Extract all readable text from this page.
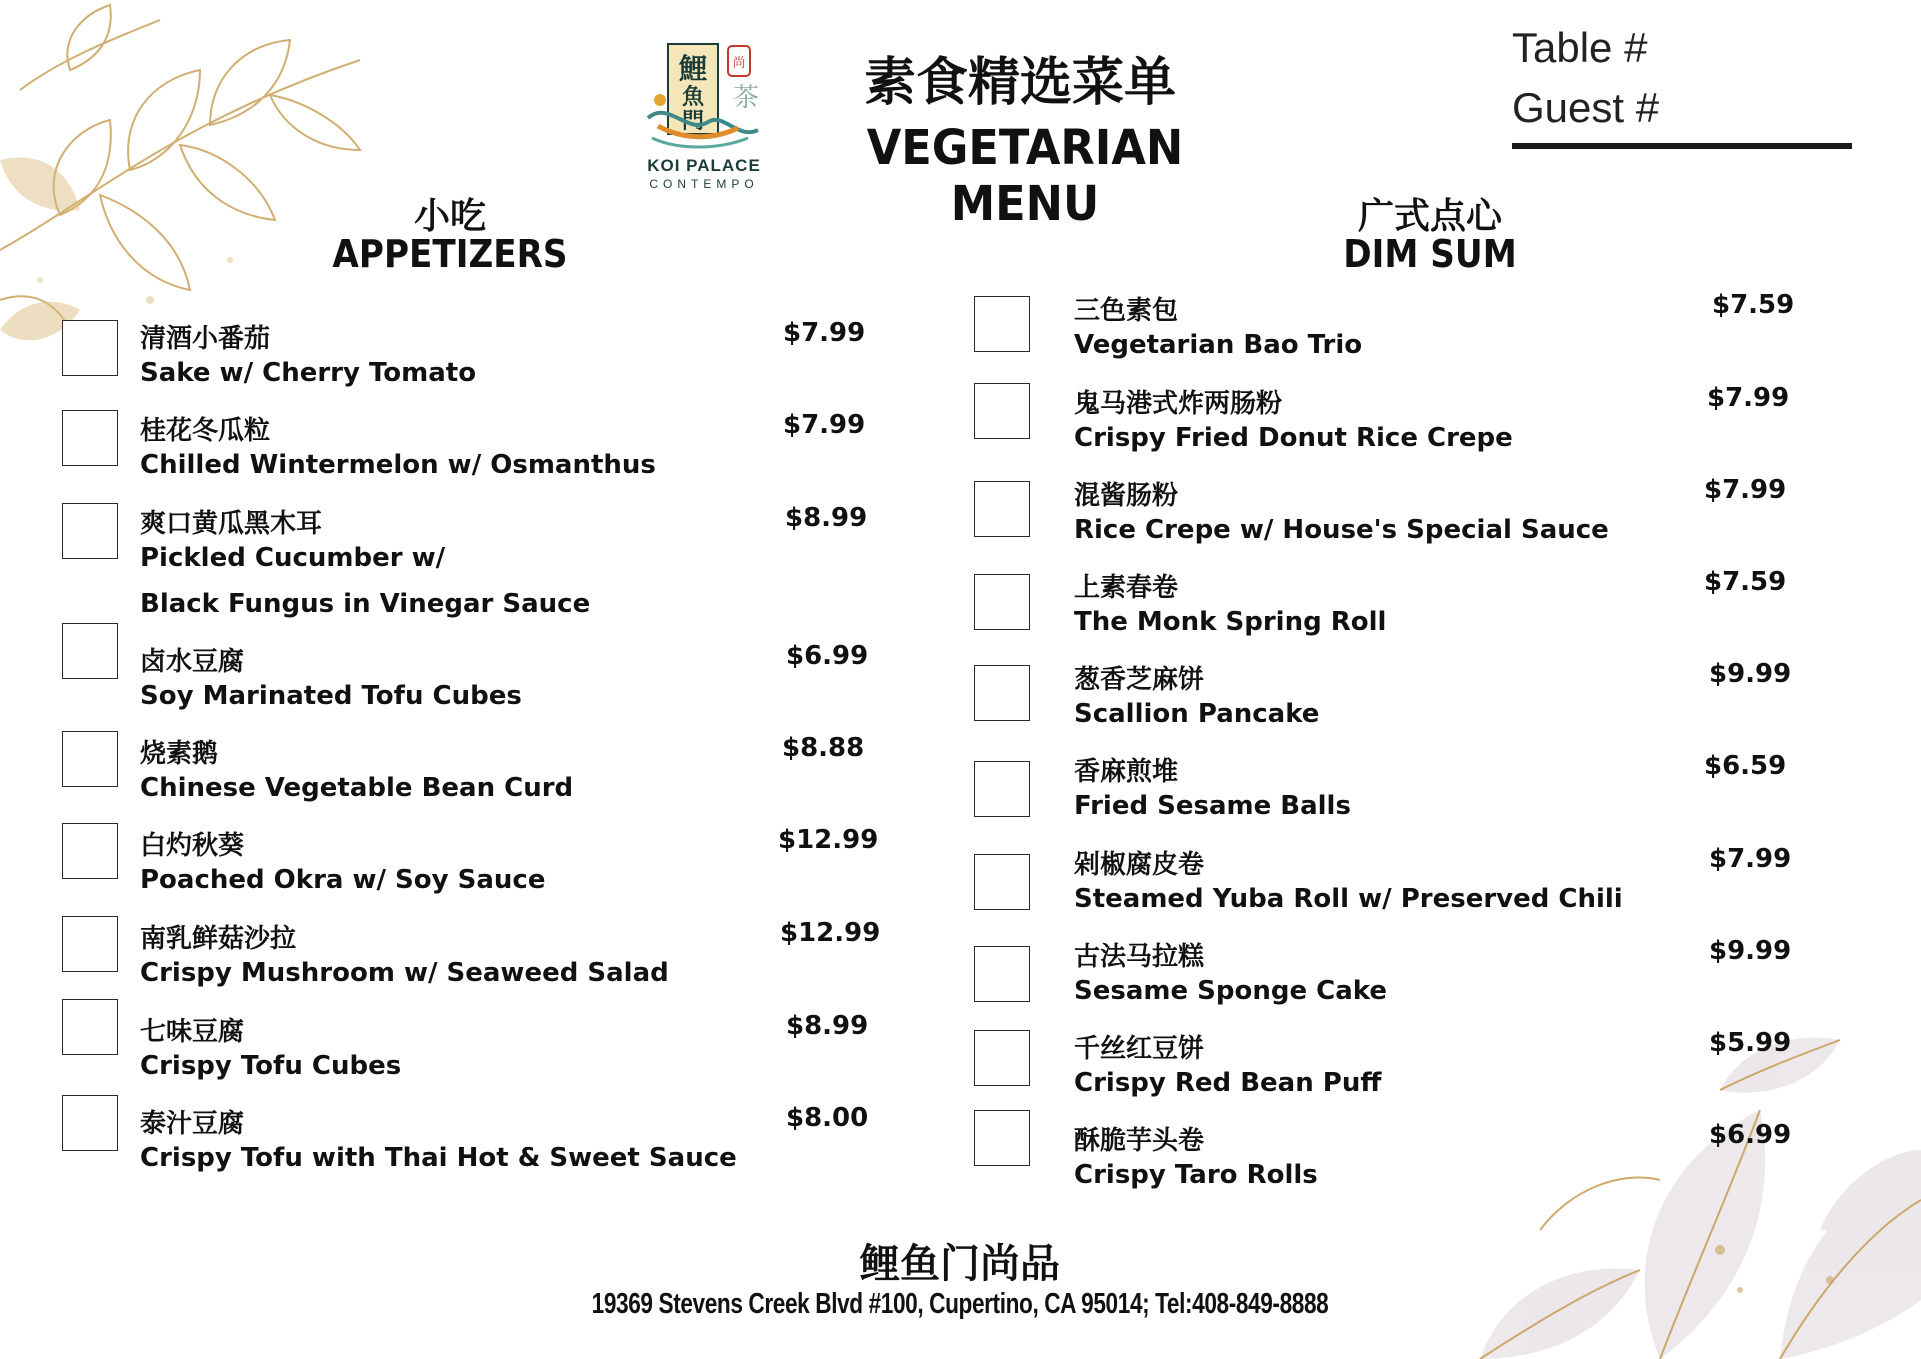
鯉
魚
門
尚
茶
KOI PALACE
CONTEMPO
素食精选菜单
VEGETARIAN MENU
Table #
Guest #
小吃
APPETIZERS
广式点心
DIM SUM
清酒小番茄
Sake w/ Cherry Tomato
$7.99
桂花冬瓜粒
Chilled Wintermelon w/ Osmanthus
$7.99
爽口黄瓜黑木耳
Pickled Cucumber w/
Black Fungus in Vinegar Sauce
$8.99
卤水豆腐
Soy Marinated Tofu Cubes
$6.99
烧素鹅
Chinese Vegetable Bean Curd
$8.88
白灼秋葵
Poached Okra w/ Soy Sauce
$12.99
南乳鲜菇沙拉
Crispy Mushroom w/ Seaweed Salad
$12.99
七味豆腐
Crispy Tofu Cubes
$8.99
泰汁豆腐
Crispy Tofu with Thai Hot & Sweet Sauce
$8.00
三色素包
Vegetarian Bao Trio
$7.59
鬼马港式炸两肠粉
Crispy Fried Donut Rice Crepe
$7.99
混酱肠粉
Rice Crepe w/ House's Special Sauce
$7.99
上素春卷
The Monk Spring Roll
$7.59
葱香芝麻饼
Scallion Pancake
$9.99
香麻煎堆
Fried Sesame Balls
$6.59
剁椒腐皮卷
Steamed Yuba Roll w/ Preserved Chili
$7.99
古法马拉糕
Sesame Sponge Cake
$9.99
千丝红豆饼
Crispy Red Bean Puff
$5.99
酥脆芋头卷
Crispy Taro Rolls
$6.99
鲤鱼门尚品
19369 Stevens Creek Blvd #100, Cupertino, CA 95014; Tel:408-849-8888
